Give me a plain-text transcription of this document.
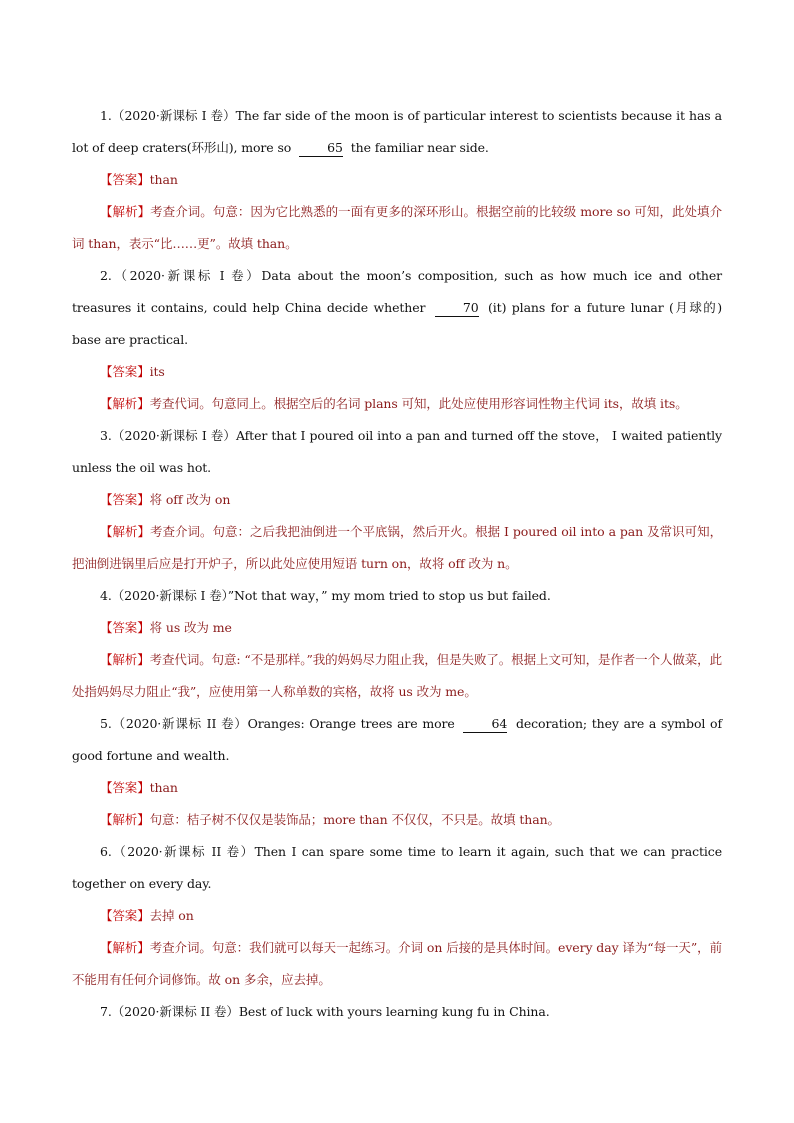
1.（2020·新课标 I 卷）The far side of the moon is of particular interest to scientists because it has a lot of deep craters(环形山), more so	65 the familiar near side.

【答案】than

【解析】考查介词。句意：因为它比熟悉的一面有更多的深环形山。根据空前的比较级 more so 可知，此处填介词 than，表示“比……更”。故填 than。

2.（2020·新课标 I 卷）Data about the moon’s composition, such as how much ice and other treasures it contains, could help China decide whether	70 (it) plans for a future lunar (月球的) base are practical.

【答案】its

【解析】考查代词。句意同上。根据空后的名词 plans 可知，此处应使用形容词性物主代词 its，故填 its。

3.（2020·新课标 I 卷）After that I poured oil into a pan and turned off the stove， I waited patiently unless the oil was hot.

【答案】将 off 改为 on

【解析】考查介词。句意：之后我把油倒进一个平底锅，然后开火。根据 I poured oil into a pan 及常识可知，把油倒进锅里后应是打开炉子，所以此处应使用短语 turn on，故将 off 改为 n。

4.（2020·新课标 I 卷）”Not that way，” my mom tried to stop us but failed.

【答案】将 us 改为 me

【解析】考查代词。句意: “不是那样。”我的妈妈尽力阻止我，但是失败了。根据上文可知，是作者一个人做菜，此处指妈妈尽力阻止“我”，应使用第一人称单数的宾格，故将 us 改为 me。

5.（2020·新课标 II 卷）Oranges: Orange trees are more	64 decoration; they are a symbol of good fortune and wealth.

【答案】than

【解析】句意：桔子树不仅仅是装饰品；more than 不仅仅，不只是。故填 than。

6.（2020·新课标 II 卷）Then I can spare some time to learn it again, such that we can practice together on every day.

【答案】去掉 on

【解析】考查介词。句意：我们就可以每天一起练习。介词 on 后接的是具体时间。every day 译为“每一天”，前不能用有任何介词修饰。故 on 多余，应去掉。

7.（2020·新课标 II 卷）Best of luck with yours learning kung fu in China.
